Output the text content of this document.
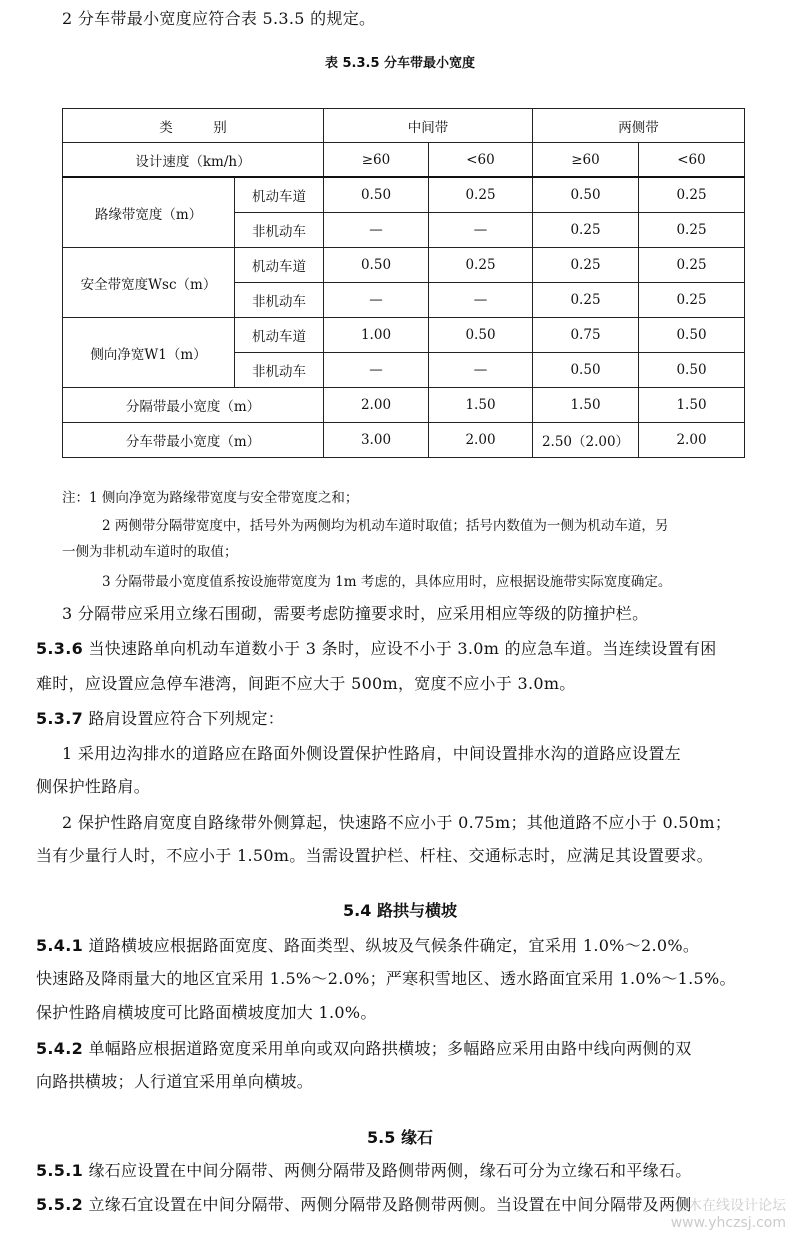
2 分车带最小宽度应符合表 5.3.5 的规定。
表 5.3.5 分车带最小宽度
类　　　别		中间带		两侧带	
设计速度（km/h）		≥60	<60	≥60	<60
路缘带宽度（m）	机动车道	0.50	0.25	0.50	0.25
	非机动车	—	—	0.25	0.25
安全带宽度Wsc（m）	机动车道	0.50	0.25	0.25	0.25
	非机动车	—	—	0.25	0.25
侧向净宽W1（m）	机动车道	1.00	0.50	0.75	0.50
	非机动车	—	—	0.50	0.50
分隔带最小宽度（m）		2.00	1.50	1.50	1.50
分车带最小宽度（m）		3.00	2.00	2.50（2.00）	2.00
注：1 侧向净宽为路缘带宽度与安全带宽度之和；
2 两侧带分隔带宽度中，括号外为两侧均为机动车道时取值；括号内数值为一侧为机动车道，另
一侧为非机动车道时的取值；
3 分隔带最小宽度值系按设施带宽度为 1m 考虑的，具体应用时，应根据设施带实际宽度确定。
3 分隔带应采用立缘石围砌，需要考虑防撞要求时，应采用相应等级的防撞护栏。
5.3.6 当快速路单向机动车道数小于 3 条时，应设不小于 3.0m 的应急车道。当连续设置有困
难时，应设置应急停车港湾，间距不应大于 500m，宽度不应小于 3.0m。
5.3.7 路肩设置应符合下列规定：
1 采用边沟排水的道路应在路面外侧设置保护性路肩，中间设置排水沟的道路应设置左
侧保护性路肩。
2 保护性路肩宽度自路缘带外侧算起，快速路不应小于 0.75m；其他道路不应小于 0.50m；
当有少量行人时，不应小于 1.50m。当需设置护栏、杆柱、交通标志时，应满足其设置要求。
5.4 路拱与横坡
5.4.1 道路横坡应根据路面宽度、路面类型、纵坡及气候条件确定，宜采用 1.0%～2.0%。
快速路及降雨量大的地区宜采用 1.5%～2.0%；严寒积雪地区、透水路面宜采用 1.0%～1.5%。
保护性路肩横坡度可比路面横坡度加大 1.0%。
5.4.2 单幅路应根据道路宽度采用单向或双向路拱横坡；多幅路应采用由路中线向两侧的双
向路拱横坡；人行道宜采用单向横坡。
5.5 缘石
5.5.1 缘石应设置在中间分隔带、两侧分隔带及路侧带两侧，缘石可分为立缘石和平缘石。
5.5.2 立缘石宜设置在中间分隔带、两侧分隔带及路侧带两侧。当设置在中间分隔带及两侧
土木在线设计论坛
www.yhczsj.com
